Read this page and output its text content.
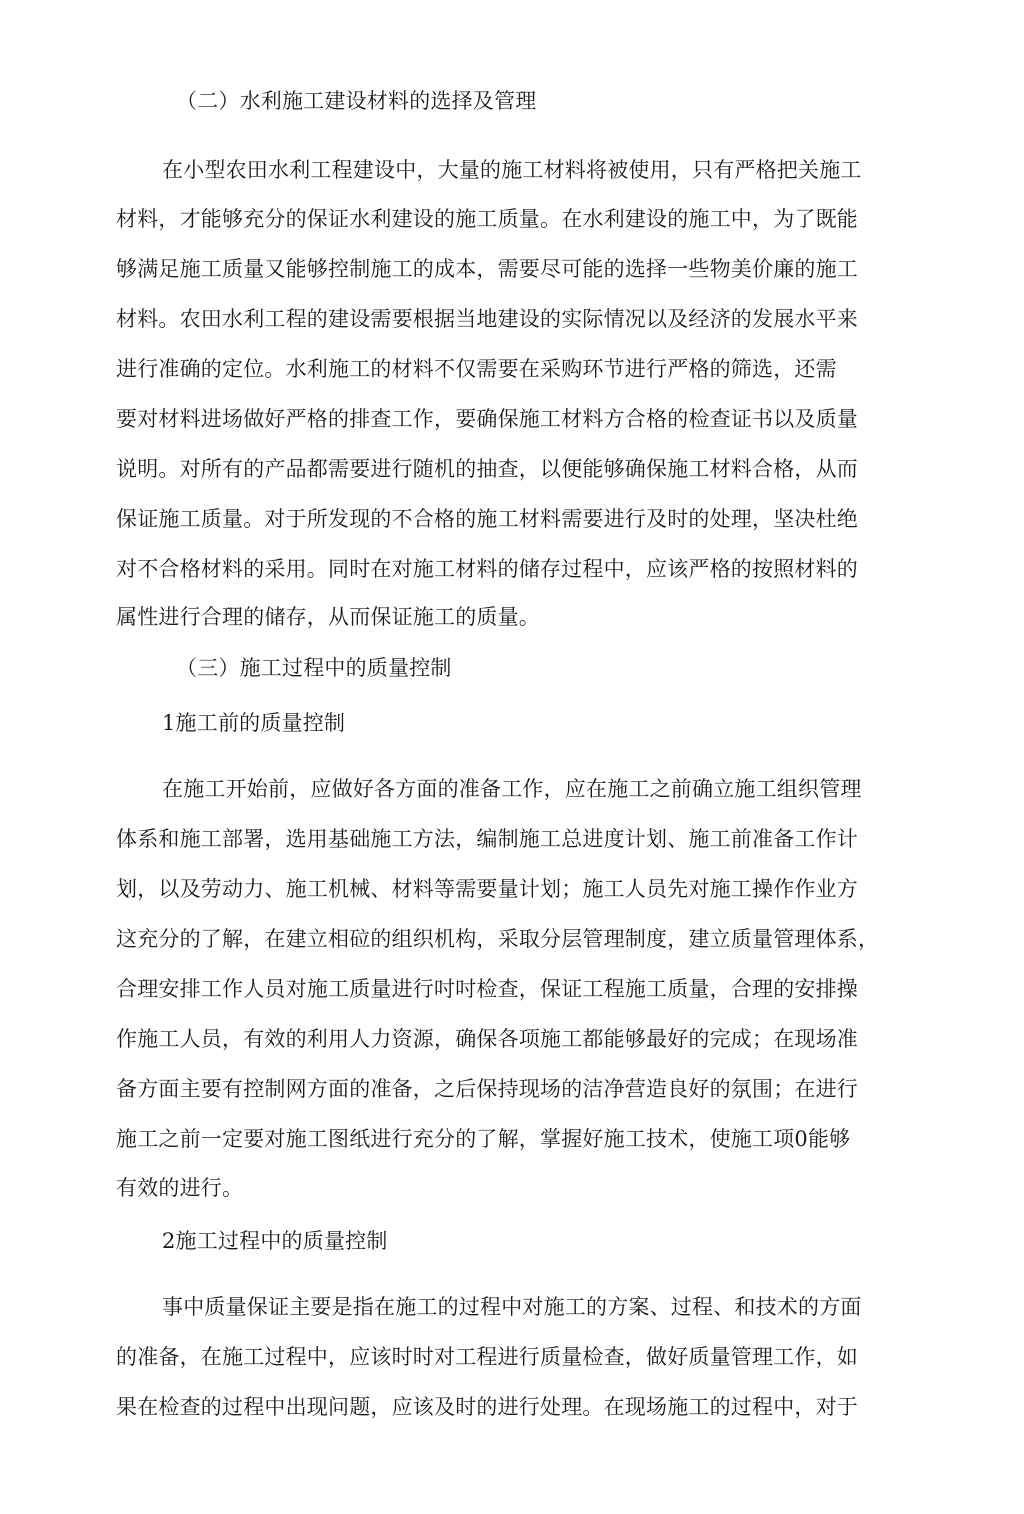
（二）水利施工建设材料的选择及管理
在小型农田水利工程建设中，大量的施工材料将被使用，只有严格把关施工
材料，才能够充分的保证水利建设的施工质量。在水利建设的施工中，为了既能
够满足施工质量又能够控制施工的成本，需要尽可能的选择一些物美价廉的施工
材料。农田水利工程的建设需要根据当地建设的实际情况以及经济的发展水平来
进行准确的定位。水利施工的材料不仅需要在采购环节进行严格的筛选，还需
要对材料进场做好严格的排查工作，要确保施工材料方合格的检查证书以及质量
说明。对所有的产品都需要进行随机的抽查，以便能够确保施工材料合格，从而
保证施工质量。对于所发现的不合格的施工材料需要进行及时的处理，坚决杜绝
对不合格材料的采用。同时在对施工材料的储存过程中，应该严格的按照材料的
属性进行合理的储存，从而保证施工的质量。
（三）施工过程中的质量控制
1施工前的质量控制
在施工开始前，应做好各方面的准备工作，应在施工之前确立施工组织管理
体系和施工部署，选用基础施工方法，编制施工总进度计划、施工前准备工作计
划，以及劳动力、施工机械、材料等需要量计划；施工人员先对施工操作作业方
这充分的了解，在建立相砬的组织机构，采取分层管理制度，建立质量管理体系，
合理安排工作人员对施工质量进行吋吋检查，保证工程施工质量，合理的安排操
作施工人员，有效的利用人力资源，确保各项施工都能够最好的完成；在现场准
备方面主要有控制网方面的准备，之后保持现场的洁净营造良好的氛围；在进行
施工之前一定要对施工图纸进行充分的了解，掌握好施工技术，使施工项0能够
有效的进行。
2施工过程中的质量控制
事中质量保证主要是指在施工的过程中对施工的方案、过程、和技术的方面
的准备，在施工过程中，应该时时对工程进行质量检查，做好质量管理工作，如
果在检查的过程中出现问题，应该及时的进行处理。在现场施工的过程中，对于
